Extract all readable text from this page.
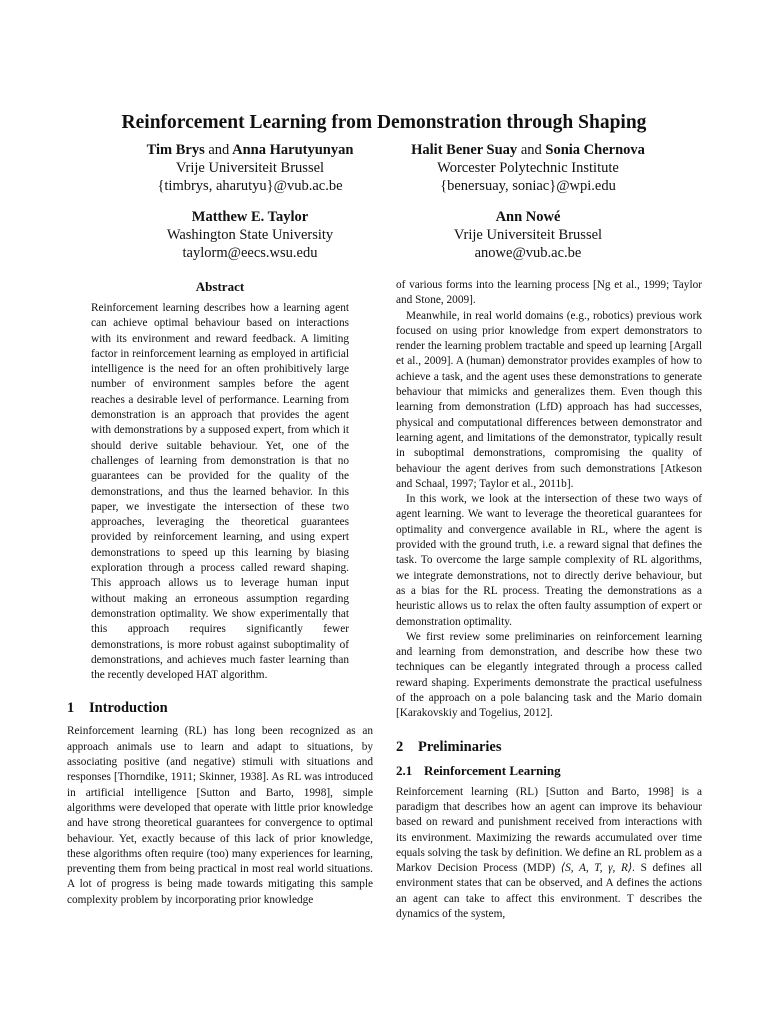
Reinforcement Learning from Demonstration through Shaping
Tim Brys and Anna Harutyunyan
Vrije Universiteit Brussel
{timbrys, aharutyu}@vub.ac.be
Halit Bener Suay and Sonia Chernova
Worcester Polytechnic Institute
{benersuay, soniac}@wpi.edu
Matthew E. Taylor
Washington State University
taylorm@eecs.wsu.edu
Ann Nowé
Vrije Universiteit Brussel
anowe@vub.ac.be
Abstract

Reinforcement learning describes how a learning agent can achieve optimal behaviour based on interactions with its environment and reward feedback. A limiting factor in reinforcement learning as employed in artificial intelligence is the need for an often prohibitively large number of environment samples before the agent reaches a desirable level of performance. Learning from demonstration is an approach that provides the agent with demonstrations by a supposed expert, from which it should derive suitable behaviour. Yet, one of the challenges of learning from demonstration is that no guarantees can be provided for the quality of the demonstrations, and thus the learned behavior. In this paper, we investigate the intersection of these two approaches, leveraging the theoretical guarantees provided by reinforcement learning, and using expert demonstrations to speed up this learning by biasing exploration through a process called reward shaping. This approach allows us to leverage human input without making an erroneous assumption regarding demonstration optimality. We show experimentally that this approach requires significantly fewer demonstrations, is more robust against suboptimality of demonstrations, and achieves much faster learning than the recently developed HAT algorithm.

1 Introduction

Reinforcement learning (RL) has long been recognized as an approach animals use to learn and adapt to situations, by associating positive (and negative) stimuli with situations and responses [Thorndike, 1911; Skinner, 1938]. As RL was introduced in artificial intelligence [Sutton and Barto, 1998], simple algorithms were developed that operate with little prior knowledge and have strong theoretical guarantees for convergence to optimal behaviour. Yet, exactly because of this lack of prior knowledge, these algorithms often require (too) many experiences for learning, preventing them from being practical in most real world situations. A lot of progress is being made towards mitigating this sample complexity problem by incorporating prior knowledge

of various forms into the learning process [Ng et al., 1999; Taylor and Stone, 2009].

Meanwhile, in real world domains (e.g., robotics) previous work focused on using prior knowledge from expert demonstrators to render the learning problem tractable and speed up learning [Argall et al., 2009]. A (human) demonstrator provides examples of how to achieve a task, and the agent uses these demonstrations to generate behaviour that mimicks and generalizes them. Even though this learning from demonstration (LfD) approach has had successes, physical and computational differences between demonstrator and learning agent, and limitations of the demonstrator, typically result in suboptimal demonstrations, compromising the quality of behaviour the agent derives from such demonstrations [Atkeson and Schaal, 1997; Taylor et al., 2011b].

In this work, we look at the intersection of these two ways of agent learning. We want to leverage the theoretical guarantees for optimality and convergence available in RL, where the agent is provided with the ground truth, i.e. a reward signal that defines the task. To overcome the large sample complexity of RL algorithms, we integrate demonstrations, not to directly derive behaviour, but as a bias for the RL process. Treating the demonstrations as a heuristic allows us to relax the often faulty assumption of expert or demonstration optimality.

We first review some preliminaries on reinforcement learning and learning from demonstration, and describe how these two techniques can be elegantly integrated through a process called reward shaping. Experiments demonstrate the practical usefulness of the approach on a pole balancing task and the Mario domain [Karakovskiy and Togelius, 2012].

2 Preliminaries
2.1 Reinforcement Learning

Reinforcement learning (RL) [Sutton and Barto, 1998] is a paradigm that describes how an agent can improve its behaviour based on reward and punishment received from interactions with its environment. Maximizing the rewards accumulated over time equals solving the task by definition. We define an RL problem as a Markov Decision Process (MDP) ⟨S, A, T, γ, R⟩. S defines all environment states that can be observed, and A defines the actions an agent can take to affect this environment. T describes the dynamics of the system,
